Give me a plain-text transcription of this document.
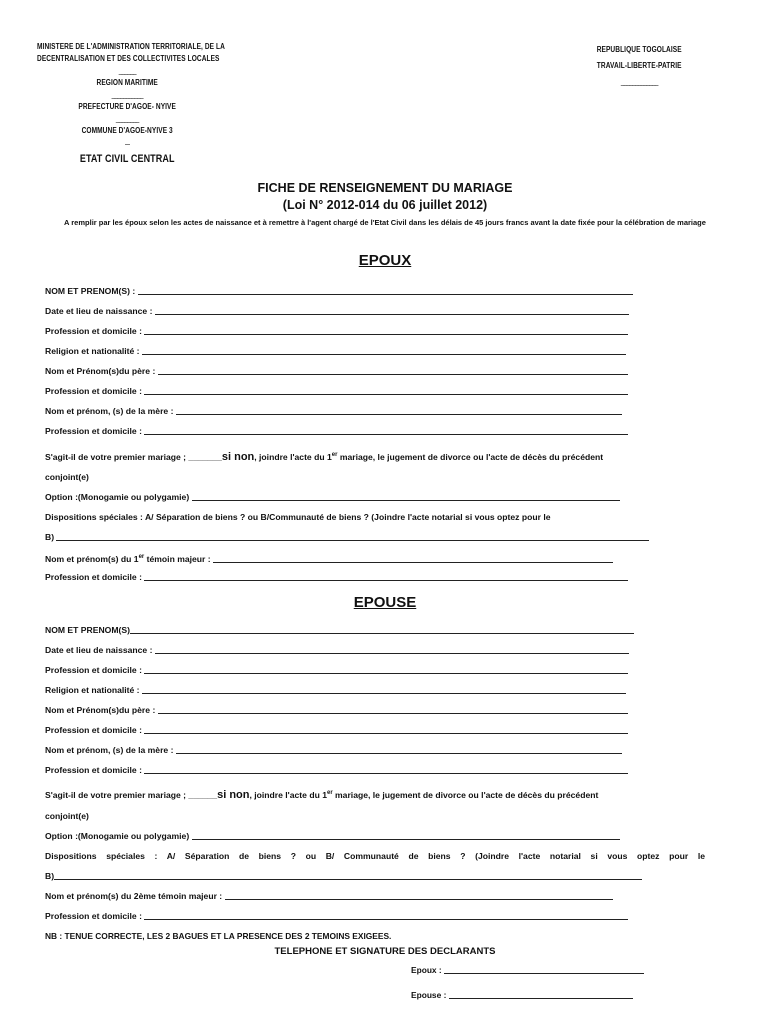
MINISTERE DE L'ADMINISTRATION TERRITORIALE, DE LA
DECENTRALISATION ET DES COLLECTIVITES LOCALES
______
REGION MARITIME
___________
PREFECTURE D'AGOE- NYIVE
________
COMMUNE D'AGOE-NYIVE 3
.....
ETAT CIVIL CENTRAL
REPUBLIQUE TOGOLAISE
TRAVAIL-LIBERTE-PATRIE
_____________
FICHE DE RENSEIGNEMENT DU MARIAGE
(Loi N° 2012-014 du 06 juillet 2012)
A remplir par les époux selon les actes de naissance et à remettre à l'agent chargé de l'Etat Civil dans les délais de 45 jours francs avant la date fixée pour la célébration de mariage
EPOUX
NOM ET PRENOM(S) :
Date et lieu de naissance :
Profession et domicile :
Religion et nationalité :
Nom et Prénom(s)du père :
Profession et domicile :
Nom et prénom, (s) de la mère :
Profession et domicile :
S'agit-il de votre premier mariage ; _______si non, joindre l'acte du 1er mariage, le jugement de divorce ou l'acte de décès du précédent
conjoint(e)
Option :(Monogamie ou polygamie)
Dispositions spéciales : A/ Séparation de biens ? ou B/Communauté de biens ? (Joindre l'acte notarial si vous optez pour le
B)
Nom et prénom(s) du 1er témoin majeur :
Profession et domicile :
EPOUSE
NOM ET PRENOM(S)
Date et lieu de naissance :
Profession et domicile :
Religion et nationalité :
Nom et Prénom(s)du père :
Profession et domicile :
Nom et prénom, (s) de la mère :
Profession et domicile :
S'agit-il de votre premier mariage ; ______si non, joindre l'acte du 1er mariage, le jugement de divorce ou l'acte de décès du précédent
conjoint(e)
Option :(Monogamie ou polygamie)
Dispositions spéciales : A/ Séparation de biens ? ou B/ Communauté de biens ? (Joindre l'acte notarial si vous optez pour le
B)
Nom et prénom(s) du 2ème témoin majeur :
Profession et domicile :
NB : TENUE CORRECTE, LES 2 BAGUES ET LA PRESENCE DES 2 TEMOINS EXIGEES.
TELEPHONE ET SIGNATURE DES DECLARANTS
Epoux :
Epouse :
